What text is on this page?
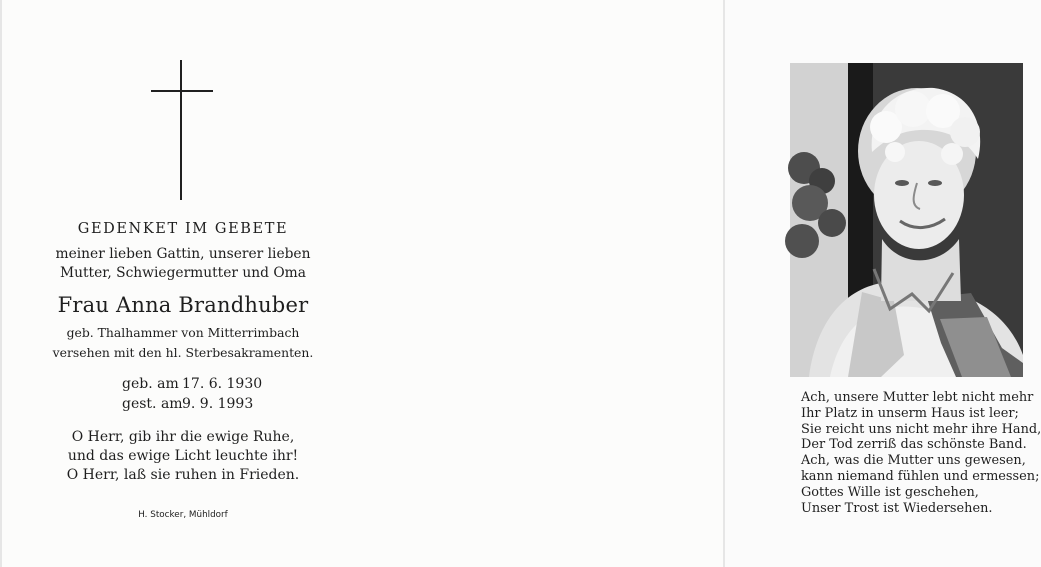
GEDENKET IM GEBETE
meiner lieben Gattin, unserer lieben
Mutter, Schwiegermutter und Oma
Frau Anna Brandhuber
geb. Thalhammer von Mitterrimbach
versehen mit den hl. Sterbesakramenten.
geb. am 17. 6. 1930
gest. am 9. 9. 1993
O Herr, gib ihr die ewige Ruhe,
und das ewige Licht leuchte ihr!
O Herr, laß sie ruhen in Frieden.
H. Stocker, Mühldorf
Ach, unsere Mutter lebt nicht mehr
Ihr Platz in unserm Haus ist leer;
Sie reicht uns nicht mehr ihre Hand,
Der Tod zerriß das schönste Band.
Ach, was die Mutter uns gewesen,
kann niemand fühlen und ermessen;
Gottes Wille ist geschehen,
Unser Trost ist Wiedersehen.
